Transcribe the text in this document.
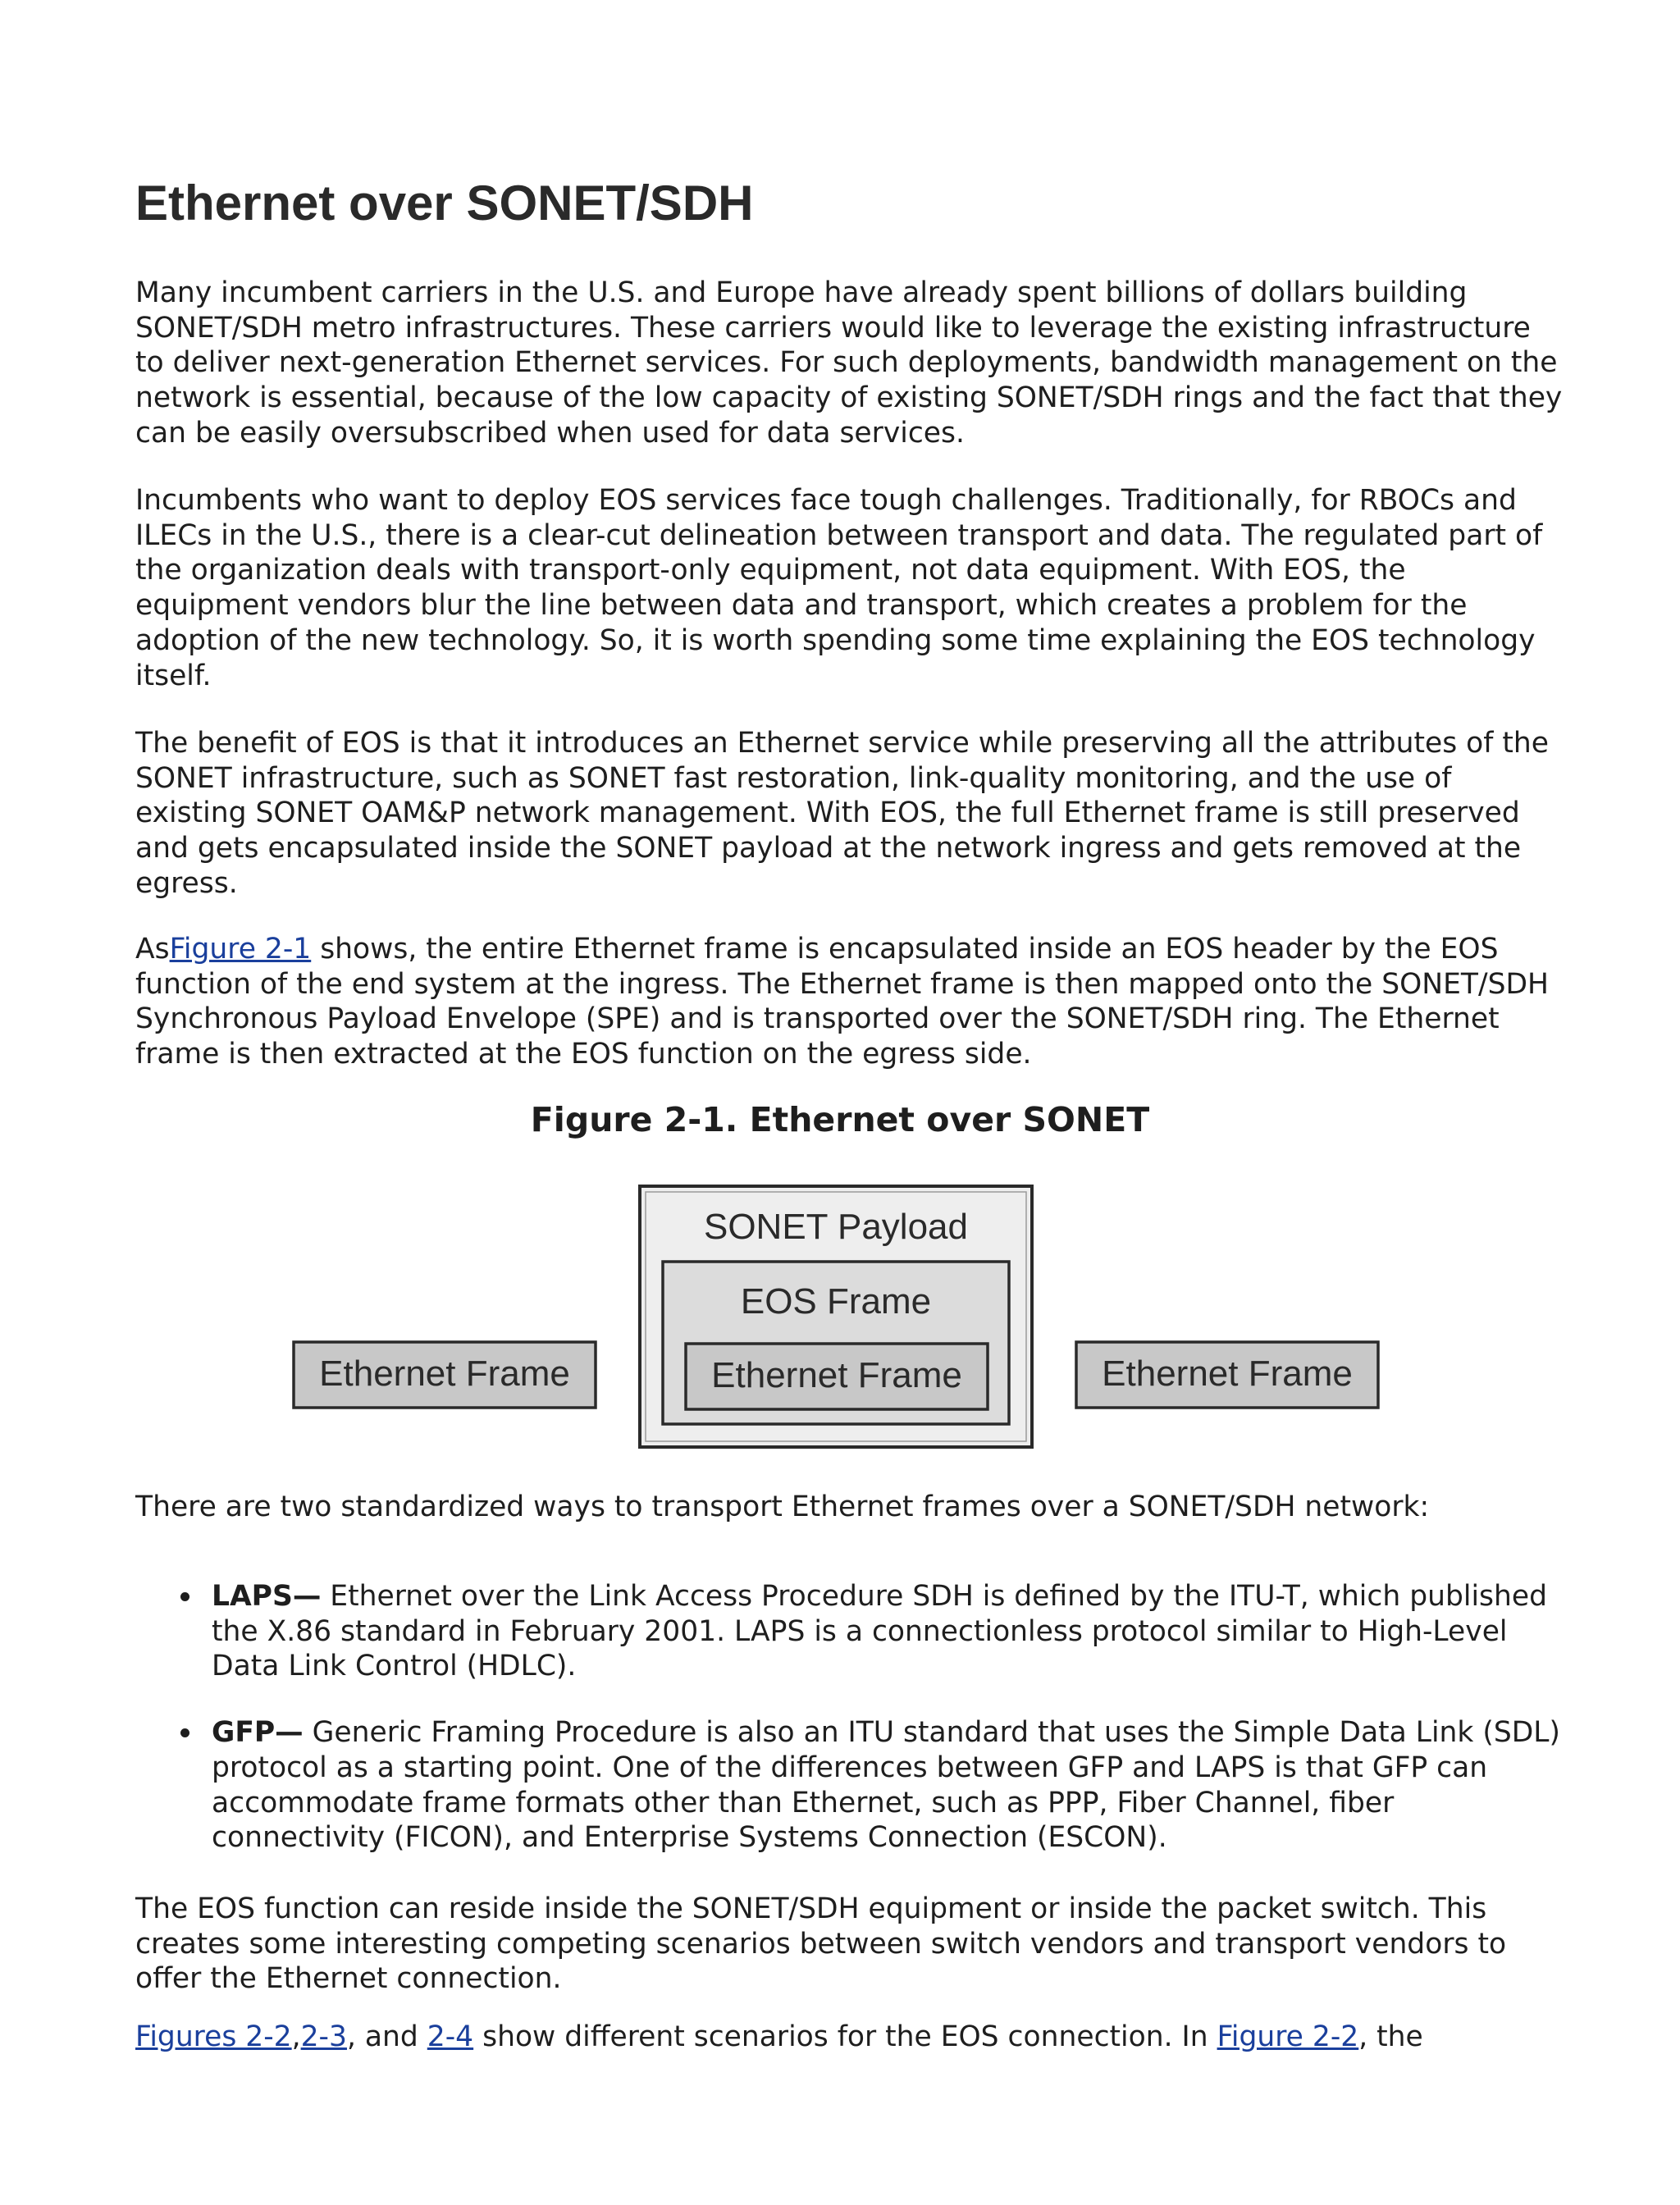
Ethernet over SONET/SDH

Many incumbent carriers in the U.S. and Europe have already spent billions of dollars building SONET/SDH metro infrastructures. These carriers would like to leverage the existing infrastructure to deliver next-generation Ethernet services. For such deployments, bandwidth management on the network is essential, because of the low capacity of existing SONET/SDH rings and the fact that they can be easily oversubscribed when used for data services.

Incumbents who want to deploy EOS services face tough challenges. Traditionally, for RBOCs and ILECs in the U.S., there is a clear-cut delineation between transport and data. The regulated part of the organization deals with transport-only equipment, not data equipment. With EOS, the equipment vendors blur the line between data and transport, which creates a problem for the adoption of the new technology. So, it is worth spending some time explaining the EOS technology itself.

The benefit of EOS is that it introduces an Ethernet service while preserving all the attributes of the SONET infrastructure, such as SONET fast restoration, link-quality monitoring, and the use of existing SONET OAM&P network management. With EOS, the full Ethernet frame is still preserved and gets encapsulated inside the SONET payload at the network ingress and gets removed at the egress.

AsFigure 2-1 shows, the entire Ethernet frame is encapsulated inside an EOS header by the EOS function of the end system at the ingress. The Ethernet frame is then mapped onto the SONET/SDH Synchronous Payload Envelope (SPE) and is transported over the SONET/SDH ring. The Ethernet frame is then extracted at the EOS function on the egress side.

Figure 2-1. Ethernet over SONET
SONET Payload
EOS Frame
Ethernet Frame
Ethernet Frame	Ethernet Frame

There are two standardized ways to transport Ethernet frames over a SONET/SDH network:

LAPS— Ethernet over the Link Access Procedure SDH is defined by the ITU-T, which published the X.86 standard in February 2001. LAPS is a connectionless protocol similar to High-Level Data Link Control (HDLC).
GFP— Generic Framing Procedure is also an ITU standard that uses the Simple Data Link (SDL) protocol as a starting point. One of the differences between GFP and LAPS is that GFP can accommodate frame formats other than Ethernet, such as PPP, Fiber Channel, fiber connectivity (FICON), and Enterprise Systems Connection (ESCON).

The EOS function can reside inside the SONET/SDH equipment or inside the packet switch. This creates some interesting competing scenarios between switch vendors and transport vendors to offer the Ethernet connection.

Figures 2-2,2-3, and 2-4 show different scenarios for the EOS connection. In Figure 2-2, the
